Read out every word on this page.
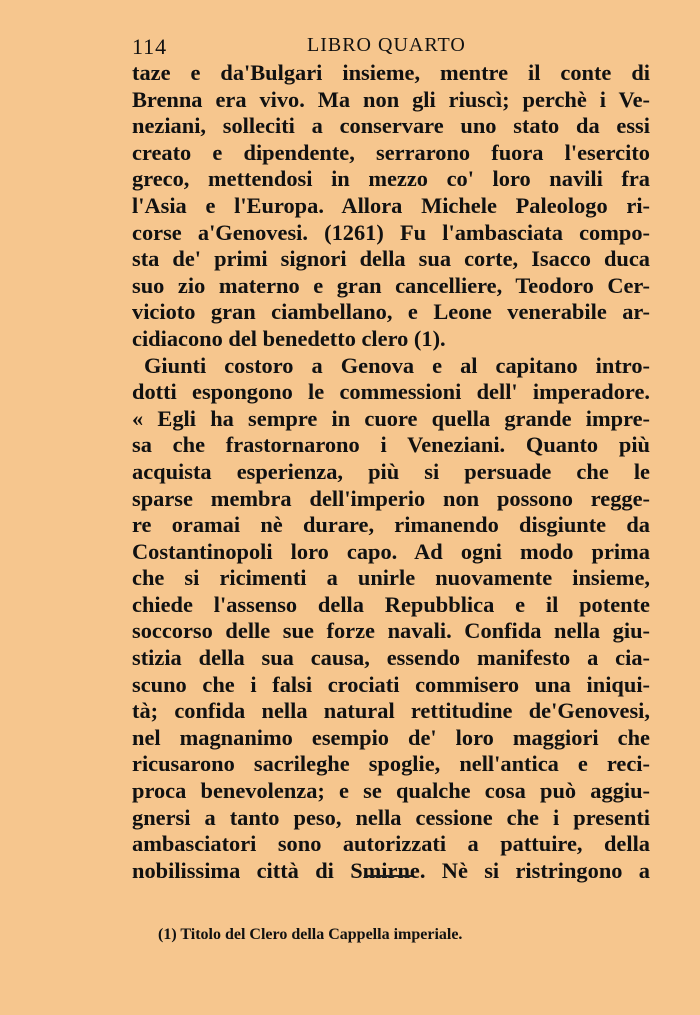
114	LIBRO QUARTO
taze e da'Bulgari insieme, mentre il conte di
Brenna era vivo. Ma non gli riuscì; perchè i Ve-
neziani, solleciti a conservare uno stato da essi
creato e dipendente, serrarono fuora l'esercito
greco, mettendosi in mezzo co' loro navili fra
l'Asia e l'Europa. Allora Michele Paleologo ri-
corse a'Genovesi. (1261) Fu l'ambasciata compo-
sta de' primi signori della sua corte, Isacco duca
suo zio materno e gran cancelliere, Teodoro Cer-
vicioto gran ciambellano, e Leone venerabile ar-
cidiacono del benedetto clero (1).
Giunti costoro a Genova e al capitano intro-
dotti espongono le commessioni dell' imperadore.
« Egli ha sempre in cuore quella grande impre-
sa che frastornarono i Veneziani. Quanto più
acquista esperienza, più si persuade che le
sparse membra dell'imperio non possono regge-
re oramai nè durare, rimanendo disgiunte da
Costantinopoli loro capo. Ad ogni modo prima
che si ricimenti a unirle nuovamente insieme,
chiede l'assenso della Repubblica e il potente
soccorso delle sue forze navali. Confida nella giu-
stizia della sua causa, essendo manifesto a cia-
scuno che i falsi crociati commisero una iniqui-
tà; confida nella natural rettitudine de'Genovesi,
nel magnanimo esempio de' loro maggiori che
ricusarono sacrileghe spoglie, nell'antica e reci-
proca benevolenza; e se qualche cosa può aggiu-
gnersi a tanto peso, nella cessione che i presenti
ambasciatori sono autorizzati a pattuire, della
nobilissima città di Smirne. Nè si ristringono a
(1) Titolo del Clero della Cappella imperiale.
